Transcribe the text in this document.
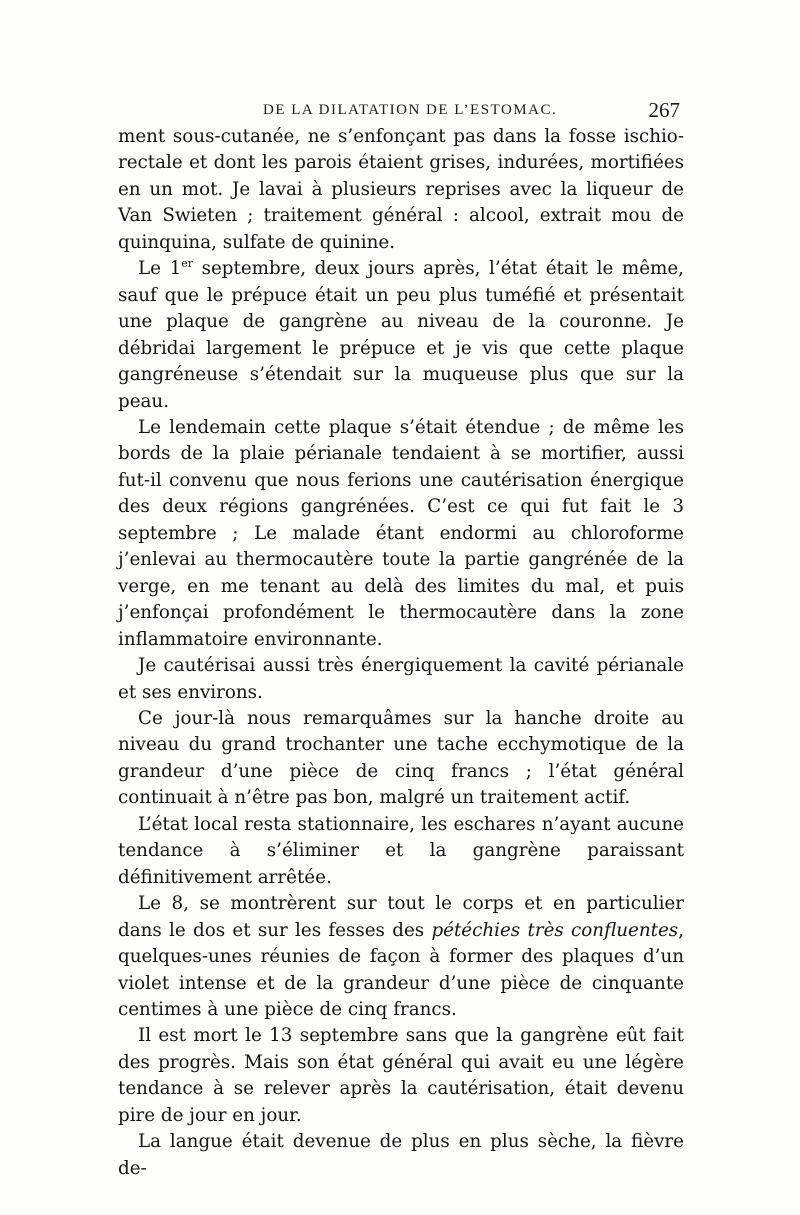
DE LA DILATATION DE L’ESTOMAC.	267

ment sous-cutanée, ne s’enfonçant pas dans la fosse ischio-rectale et dont les parois étaient grises, indurées, mortifiées en un mot. Je lavai à plusieurs reprises avec la liqueur de Van Swieten ; traitement général : alcool, extrait mou de quinquina, sulfate de quinine.

Le 1er septembre, deux jours après, l’état était le même, sauf que le prépuce était un peu plus tuméfié et présentait une plaque de gangrène au niveau de la couronne. Je débridai largement le prépuce et je vis que cette plaque gangréneuse s’étendait sur la muqueuse plus que sur la peau.

Le lendemain cette plaque s’était étendue ; de même les bords de la plaie périanale tendaient à se mortifier, aussi fut-il convenu que nous ferions une cautérisation énergique des deux régions gangrénées. C’est ce qui fut fait le 3 septembre ; Le malade étant endormi au chloroforme j’enlevai au thermocautère toute la partie gangrénée de la verge, en me tenant au delà des limites du mal, et puis j’enfonçai profondément le thermocautère dans la zone inflammatoire environnante.

Je cautérisai aussi très énergiquement la cavité périanale et ses environs.

Ce jour-là nous remarquâmes sur la hanche droite au niveau du grand trochanter une tache ecchymotique de la grandeur d’une pièce de cinq francs ; l’état général continuait à n’être pas bon, malgré un traitement actif.

L’état local resta stationnaire, les eschares n’ayant aucune tendance à s’éliminer et la gangrène paraissant définitivement arrêtée.

Le 8, se montrèrent sur tout le corps et en particulier dans le dos et sur les fesses des pétéchies très confluentes, quelques-unes réunies de façon à former des plaques d’un violet intense et de la grandeur d’une pièce de cinquante centimes à une pièce de cinq francs.

Il est mort le 13 septembre sans que la gangrène eût fait des progrès. Mais son état général qui avait eu une légère tendance à se relever après la cautérisation, était devenu pire de jour en jour.

La langue était devenue de plus en plus sèche, la fièvre de-
